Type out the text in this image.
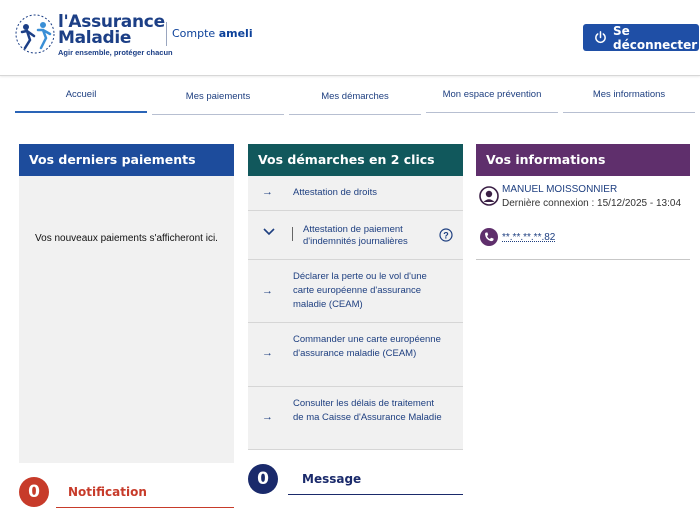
l'Assurance
Maladie
Agir ensemble, protéger chacun
Compte ameli	Se déconnecter
Accueil	Mes paiements	Mes démarches	Mon espace prévention	Mes informations
Vos derniers paiements
Vos nouveaux paiements s'afficheront ici.
Vos démarches en 2 clics
→ Attestation de droits
Attestation de paiement d'indemnités journalières
?
→
Déclarer la perte ou le vol d'une carte européenne d'assurance maladie (CEAM)
→
Commander une carte européenne d'assurance maladie (CEAM)
→
Consulter les délais de traitement de ma Caisse d'Assurance Maladie
Vos informations
MANUEL MOISSONNIER
Dernière connexion : 15/12/2025 - 13:04
**.**.**.**.82
0	Notification
0	Message
